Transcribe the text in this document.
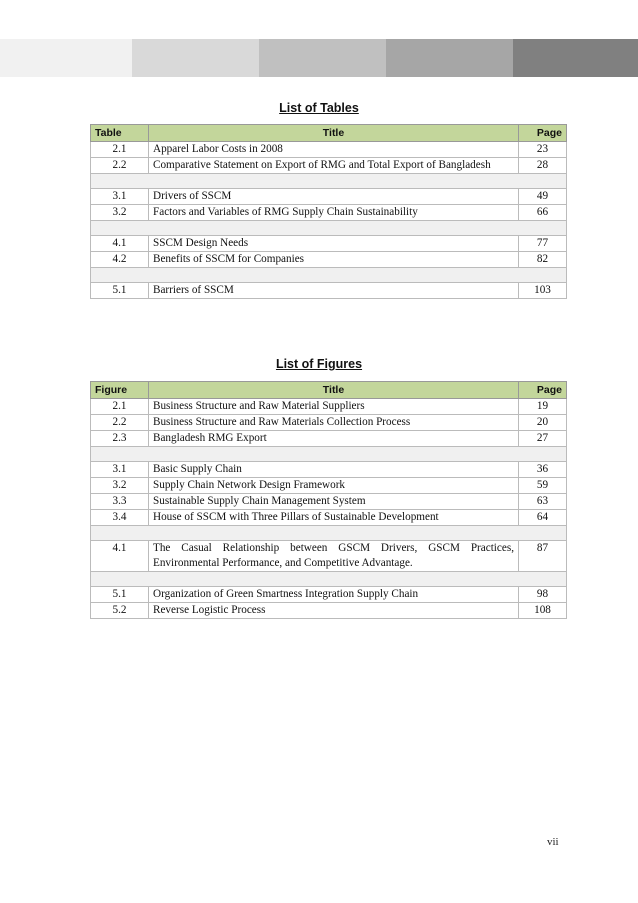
List of Tables
Table	Title	Page
2.1	Apparel Labor Costs in 2008	23
2.2	Comparative Statement on Export of RMG and Total Export of Bangladesh	28

3.1	Drivers of SSCM	49
3.2	Factors and Variables of RMG Supply Chain Sustainability	66

4.1	SSCM Design Needs	77
4.2	Benefits of SSCM for Companies	82

5.1	Barriers of SSCM	103
List of Figures
Figure	Title	Page
2.1	Business Structure and Raw Material Suppliers	19
2.2	Business Structure and Raw Materials Collection Process	20
2.3	Bangladesh RMG Export	27

3.1	Basic Supply Chain	36
3.2	Supply Chain Network Design Framework	59
3.3	Sustainable Supply Chain Management System	63
3.4	House of SSCM with Three Pillars of Sustainable Development	64

4.1	The Casual Relationship between GSCM Drivers, GSCM Practices, Environmental Performance, and Competitive Advantage.	87

5.1	Organization of Green Smartness Integration Supply Chain	98
5.2	Reverse Logistic Process	108
vii
